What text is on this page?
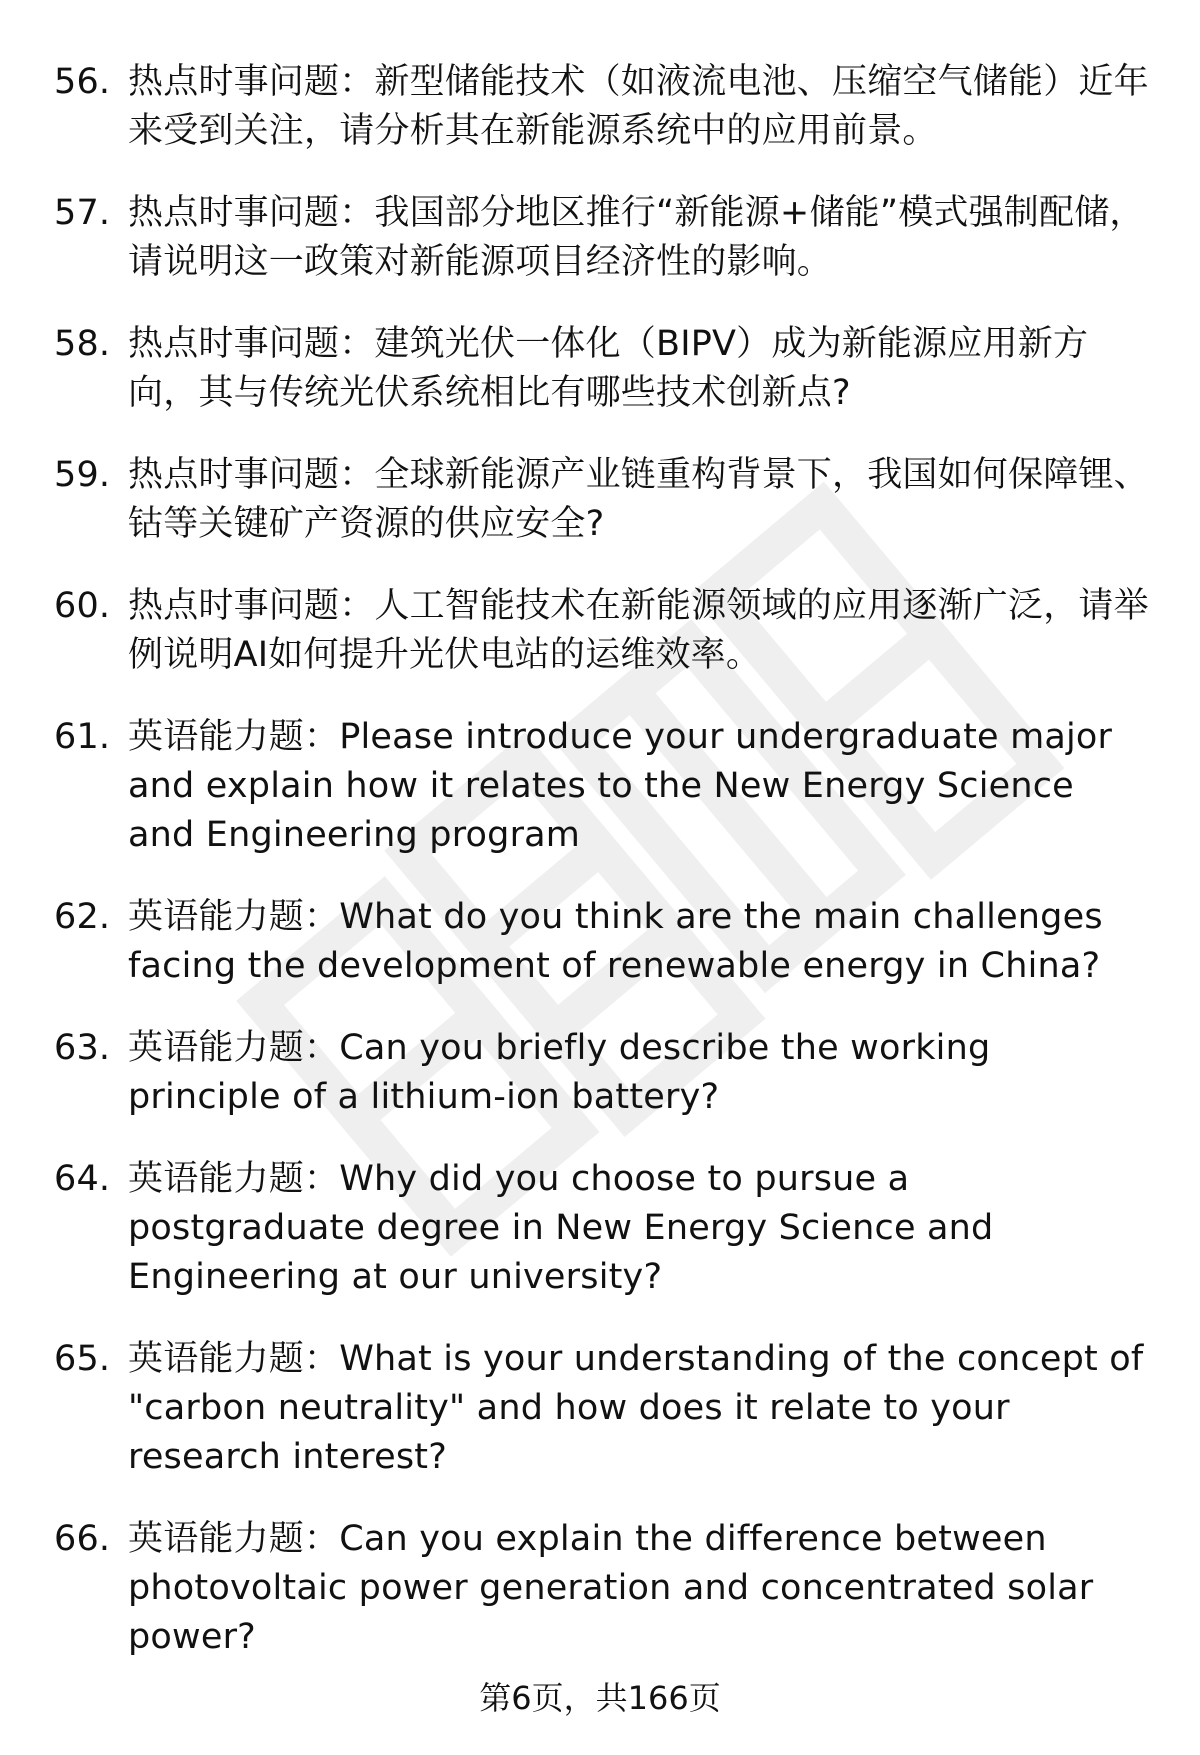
56. 热点时事问题：新型储能技术（如液流电池、压缩空气储能）近年来受到关注，请分析其在新能源系统中的应用前景。
57. 热点时事问题：我国部分地区推行“新能源+储能”模式强制配储，请说明这一政策对新能源项目经济性的影响。
58. 热点时事问题：建筑光伏一体化（BIPV）成为新能源应用新方向，其与传统光伏系统相比有哪些技术创新点?
59. 热点时事问题：全球新能源产业链重构背景下，我国如何保障锂、钴等关键矿产资源的供应安全?
60. 热点时事问题：人工智能技术在新能源领域的应用逐渐广泛，请举例说明AI如何提升光伏电站的运维效率。
61. 英语能力题：Please introduce your undergraduate major and explain how it relates to the New Energy Science and Engineering program
62. 英语能力题：What do you think are the main challenges facing the development of renewable energy in China?
63. 英语能力题：Can you briefly describe the working principle of a lithium-ion battery?
64. 英语能力题：Why did you choose to pursue a postgraduate degree in New Energy Science and Engineering at our university?
65. 英语能力题：What is your understanding of the concept of "carbon neutrality" and how does it relate to your research interest?
66. 英语能力题：Can you explain the difference between photovoltaic power generation and concentrated solar power?
第6页，共166页
